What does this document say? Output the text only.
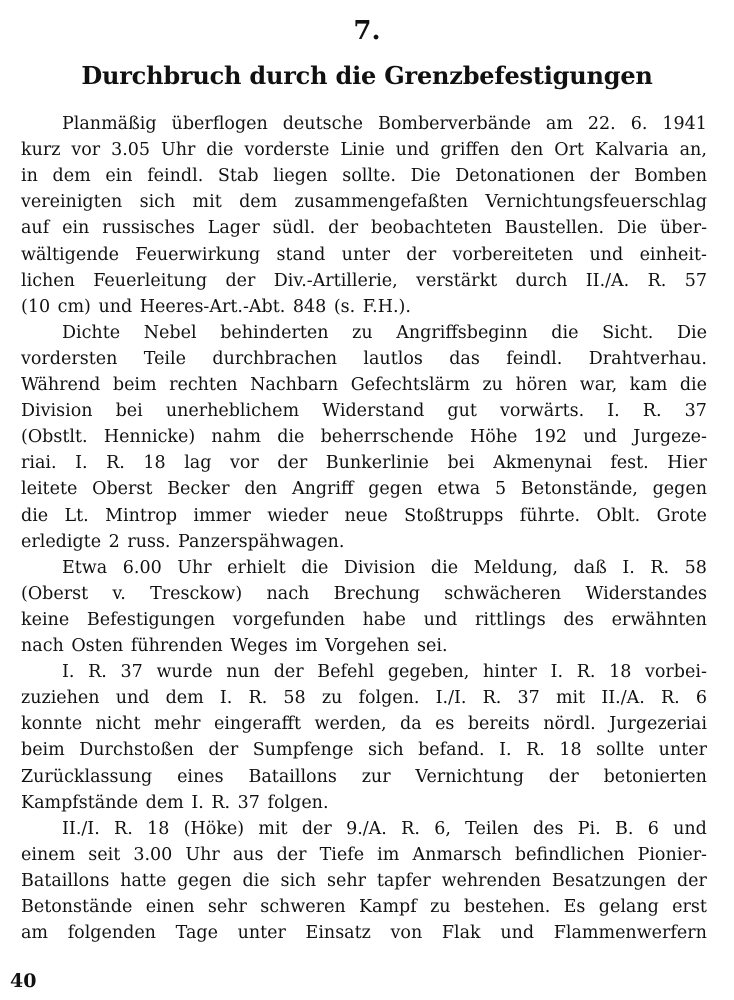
7.
Durchbruch durch die Grenzbefestigungen
Planmäßig überflogen deutsche Bomberverbände am 22. 6. 1941
kurz vor 3.05 Uhr die vorderste Linie und griffen den Ort Kalvaria an,
in dem ein feindl. Stab liegen sollte. Die Detonationen der Bomben
vereinigten sich mit dem zusammengefaßten Vernichtungsfeuerschlag
auf ein russisches Lager südl. der beobachteten Baustellen. Die über-
wältigende Feuerwirkung stand unter der vorbereiteten und einheit-
lichen Feuerleitung der Div.-Artillerie, verstärkt durch II./A. R. 57
(10 cm) und Heeres-Art.-Abt. 848 (s. F.H.).
Dichte Nebel behinderten zu Angriffsbeginn die Sicht. Die
vordersten Teile durchbrachen lautlos das feindl. Drahtverhau.
Während beim rechten Nachbarn Gefechtslärm zu hören war, kam die
Division bei unerheblichem Widerstand gut vorwärts. I. R. 37
(Obstlt. Hennicke) nahm die beherrschende Höhe 192 und Jurgeze-
riai. I. R. 18 lag vor der Bunkerlinie bei Akmenynai fest. Hier
leitete Oberst Becker den Angriff gegen etwa 5 Betonstände, gegen
die Lt. Mintrop immer wieder neue Stoßtrupps führte. Oblt. Grote
erledigte 2 russ. Panzerspähwagen.
Etwa 6.00 Uhr erhielt die Division die Meldung, daß I. R. 58
(Oberst v. Tresckow) nach Brechung schwächeren Widerstandes
keine Befestigungen vorgefunden habe und rittlings des erwähnten
nach Osten führenden Weges im Vorgehen sei.
I. R. 37 wurde nun der Befehl gegeben, hinter I. R. 18 vorbei-
zuziehen und dem I. R. 58 zu folgen. I./I. R. 37 mit II./A. R. 6
konnte nicht mehr eingerafft werden, da es bereits nördl. Jurgezeriai
beim Durchstoßen der Sumpfenge sich befand. I. R. 18 sollte unter
Zurücklassung eines Bataillons zur Vernichtung der betonierten
Kampfstände dem I. R. 37 folgen.
II./I. R. 18 (Höke) mit der 9./A. R. 6, Teilen des Pi. B. 6 und
einem seit 3.00 Uhr aus der Tiefe im Anmarsch befindlichen Pionier-
Bataillons hatte gegen die sich sehr tapfer wehrenden Besatzungen der
Betonstände einen sehr schweren Kampf zu bestehen. Es gelang erst
am folgenden Tage unter Einsatz von Flak und Flammenwerfern
40
